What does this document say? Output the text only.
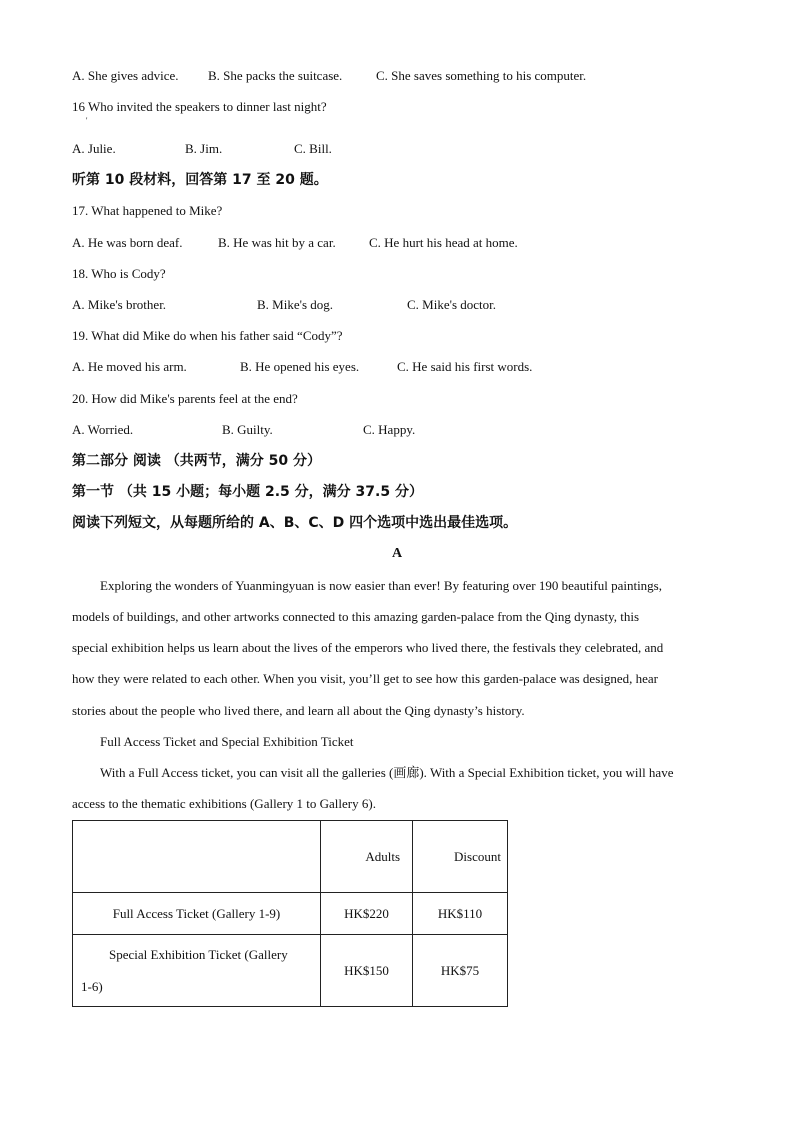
A. She gives advice. B. She packs the suitcase.	C. She saves something to his computer.
16 Who invited the speakers to dinner last night?
'
A. Julie.	B. Jim.	C. Bill.
听第 10 段材料，回答第 17 至 20 题。
17. What happened to Mike?
A. He was born deaf.	B. He was hit by a car.	C. He hurt his head at home.
18. Who is Cody?
A. Mike's brother.	B. Mike's dog.	C. Mike's doctor.
19. What did Mike do when his father said “Cody”?
A. He moved his arm.	B. He opened his eyes.	C. He said his first words.
20. How did Mike's parents feel at the end?
A. Worried.	B. Guilty.	C. Happy.
第二部分 阅读 （共两节，满分 50 分）
第一节 （共 15 小题；每小题 2.5 分，满分 37.5 分）
阅读下列短文，从每题所给的 A、B、C、D 四个选项中选出最佳选项。
A
Exploring the wonders of Yuanmingyuan is now easier than ever! By featuring over 190 beautiful paintings,
models of buildings, and other artworks connected to this amazing garden-palace from the Qing dynasty, this
special exhibition helps us learn about the lives of the emperors who lived there, the festivals they celebrated, and
how they were related to each other. When you visit, you’ll get to see how this garden-palace was designed, hear
stories about the people who lived there, and learn all about the Qing dynasty’s history.
Full Access Ticket and Special Exhibition Ticket
With a Full Access ticket, you can visit all the galleries (画廊). With a Special Exhibition ticket, you will have
access to the thematic exhibitions (Gallery 1 to Gallery 6).

	Adults	Discount

Full Access Ticket (Gallery 1-9)	HK$220	HK$110

Special Exhibition Ticket (Gallery
1-6)	HK$150	HK$75
